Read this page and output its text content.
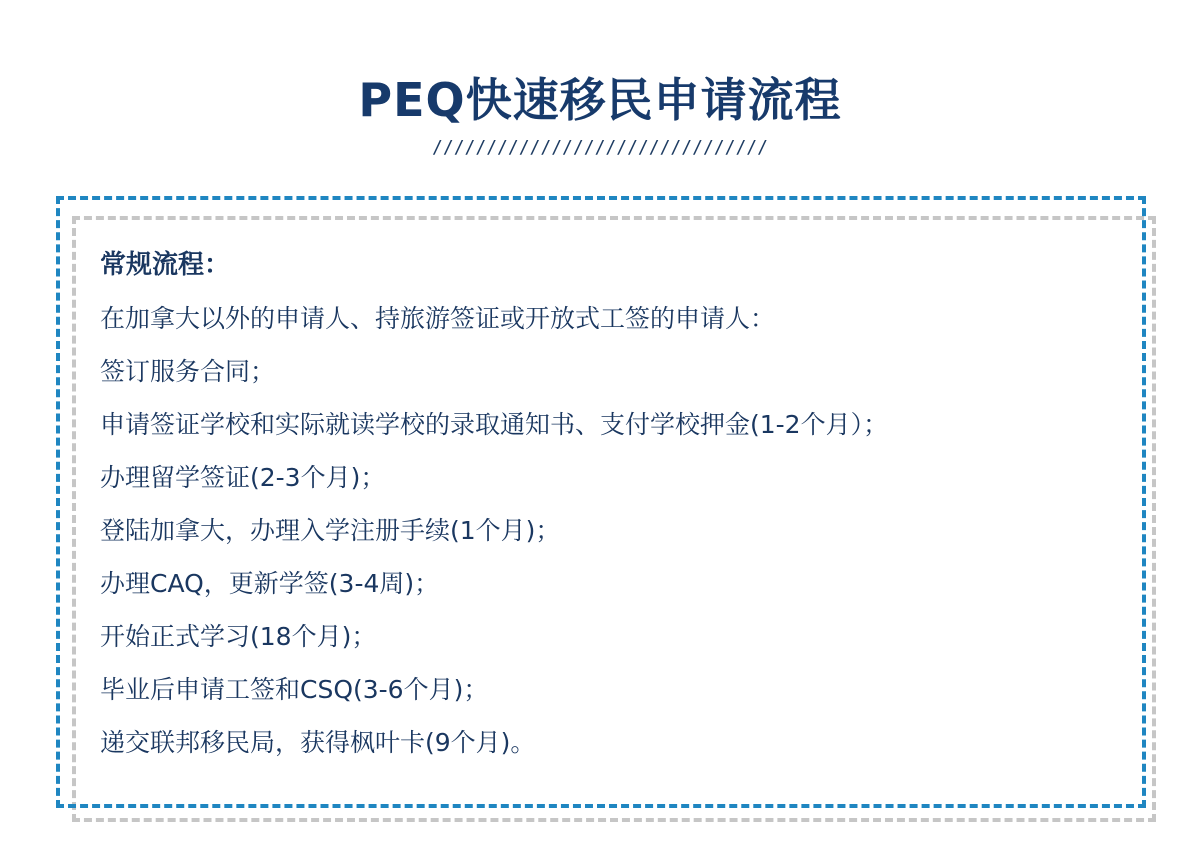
PEQ快速移民申请流程
///////////////////////////////
常规流程：
在加拿大以外的申请人、持旅游签证或开放式工签的申请人：
签订服务合同；
申请签证学校和实际就读学校的录取通知书、支付学校押金(1-2个月）；
办理留学签证(2-3个月)；
登陆加拿大，办理入学注册手续(1个月)；
办理CAQ，更新学签(3-4周)；
开始正式学习(18个月)；
毕业后申请工签和CSQ(3-6个月)；
递交联邦移民局，获得枫叶卡(9个月)。
